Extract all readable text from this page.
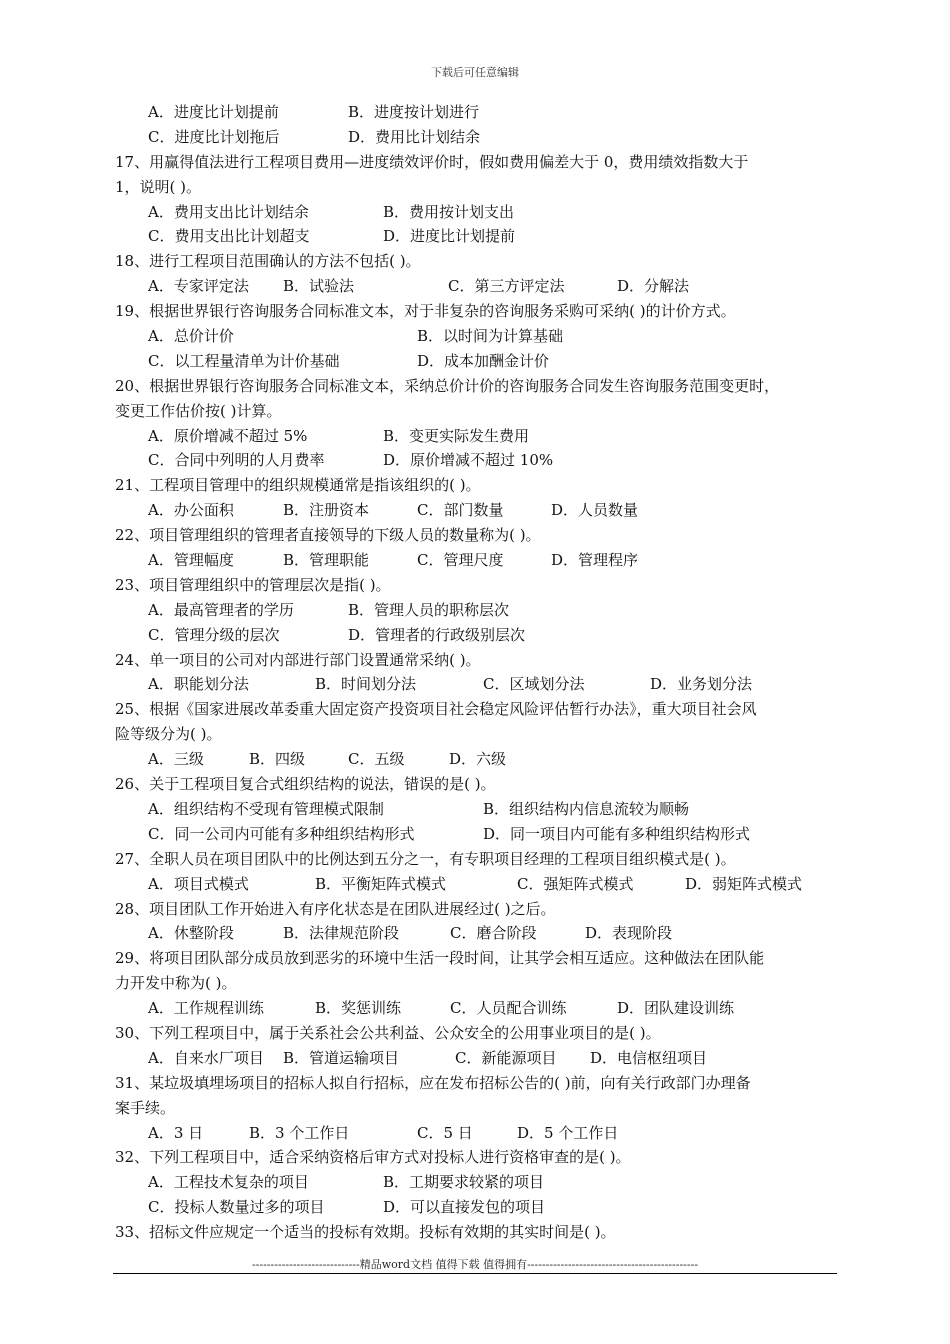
下载后可任意编辑
A．进度比计划提前	B．进度按计划进行
C．进度比计划拖后	D．费用比计划结余
17、用赢得值法进行工程项目费用—进度绩效评价时，假如费用偏差大于 0，费用绩效指数大于
1，说明( )。
A．费用支出比计划结余	B．费用按计划支出
C．费用支出比计划超支	D．进度比计划提前
18、进行工程项目范围确认的方法不包括( )。
A．专家评定法 B．试验法	C．第三方评定法	D．分解法
19、根据世界银行咨询服务合同标准文本，对于非复杂的咨询服务采购可采纳( )的计价方式。
A．总价计价	B．以时间为计算基础
C．以工程量清单为计价基础	D．成本加酬金计价
20、根据世界银行咨询服务合同标准文本，采纳总价计价的咨询服务合同发生咨询服务范围变更时，
变更工作估价按( )计算。
A．原价增减不超过 5%	B．变更实际发生费用
C．合同中列明的人月费率	D．原价增减不超过 10%
21、工程项目管理中的组织规模通常是指该组织的( )。
A．办公面积	B．注册资本	C．部门数量	D．人员数量
22、项目管理组织的管理者直接领导的下级人员的数量称为( )。
A．管理幅度	B．管理职能	C．管理尺度	D．管理程序
23、项目管理组织中的管理层次是指( )。
A．最高管理者的学历	B．管理人员的职称层次
C．管理分级的层次	D．管理者的行政级别层次
24、单一项目的公司对内部进行部门设置通常采纳( )。
A．职能划分法	B．时间划分法	C．区域划分法	D．业务划分法
25、根据《国家进展改革委重大固定资产投资项目社会稳定风险评估暂行办法》，重大项目社会风
险等级分为( )。
A．三级	B．四级	C．五级	D．六级
26、关于工程项目复合式组织结构的说法，错误的是( )。
A．组织结构不受现有管理模式限制	B．组织结构内信息流较为顺畅
C．同一公司内可能有多种组织结构形式	D．同一项目内可能有多种组织结构形式
27、全职人员在项目团队中的比例达到五分之一，有专职项目经理的工程项目组织模式是( )。
A．项目式模式	B．平衡矩阵式模式	C．强矩阵式模式	D．弱矩阵式模式
28、项目团队工作开始进入有序化状态是在团队进展经过( )之后。
A．休整阶段	B．法律规范阶段	C．磨合阶段	D．表现阶段
29、将项目团队部分成员放到恶劣的环境中生活一段时间，让其学会相互适应。这种做法在团队能
力开发中称为( )。
A．工作规程训练	B．奖惩训练	C．人员配合训练	D．团队建设训练
30、下列工程项目中，属于关系社会公共利益、公众安全的公用事业项目的是( )。
A．自来水厂项目 B．管道运输项目	C．新能源项目 D．电信枢纽项目
31、某垃圾填埋场项目的招标人拟自行招标，应在发布招标公告的( )前，向有关行政部门办理备
案手续。
A．3 日	B．3 个工作日	C．5 日	D．5 个工作日
32、下列工程项目中，适合采纳资格后审方式对投标人进行资格审查的是( )。
A．工程技术复杂的项目	B．工期要求较紧的项目
C．投标人数量过多的项目	D．可以直接发包的项目
33、招标文件应规定一个适当的投标有效期。投标有效期的其实时间是( )。
-----------------------------精品word文档 值得下载 值得拥有----------------------------------------------
